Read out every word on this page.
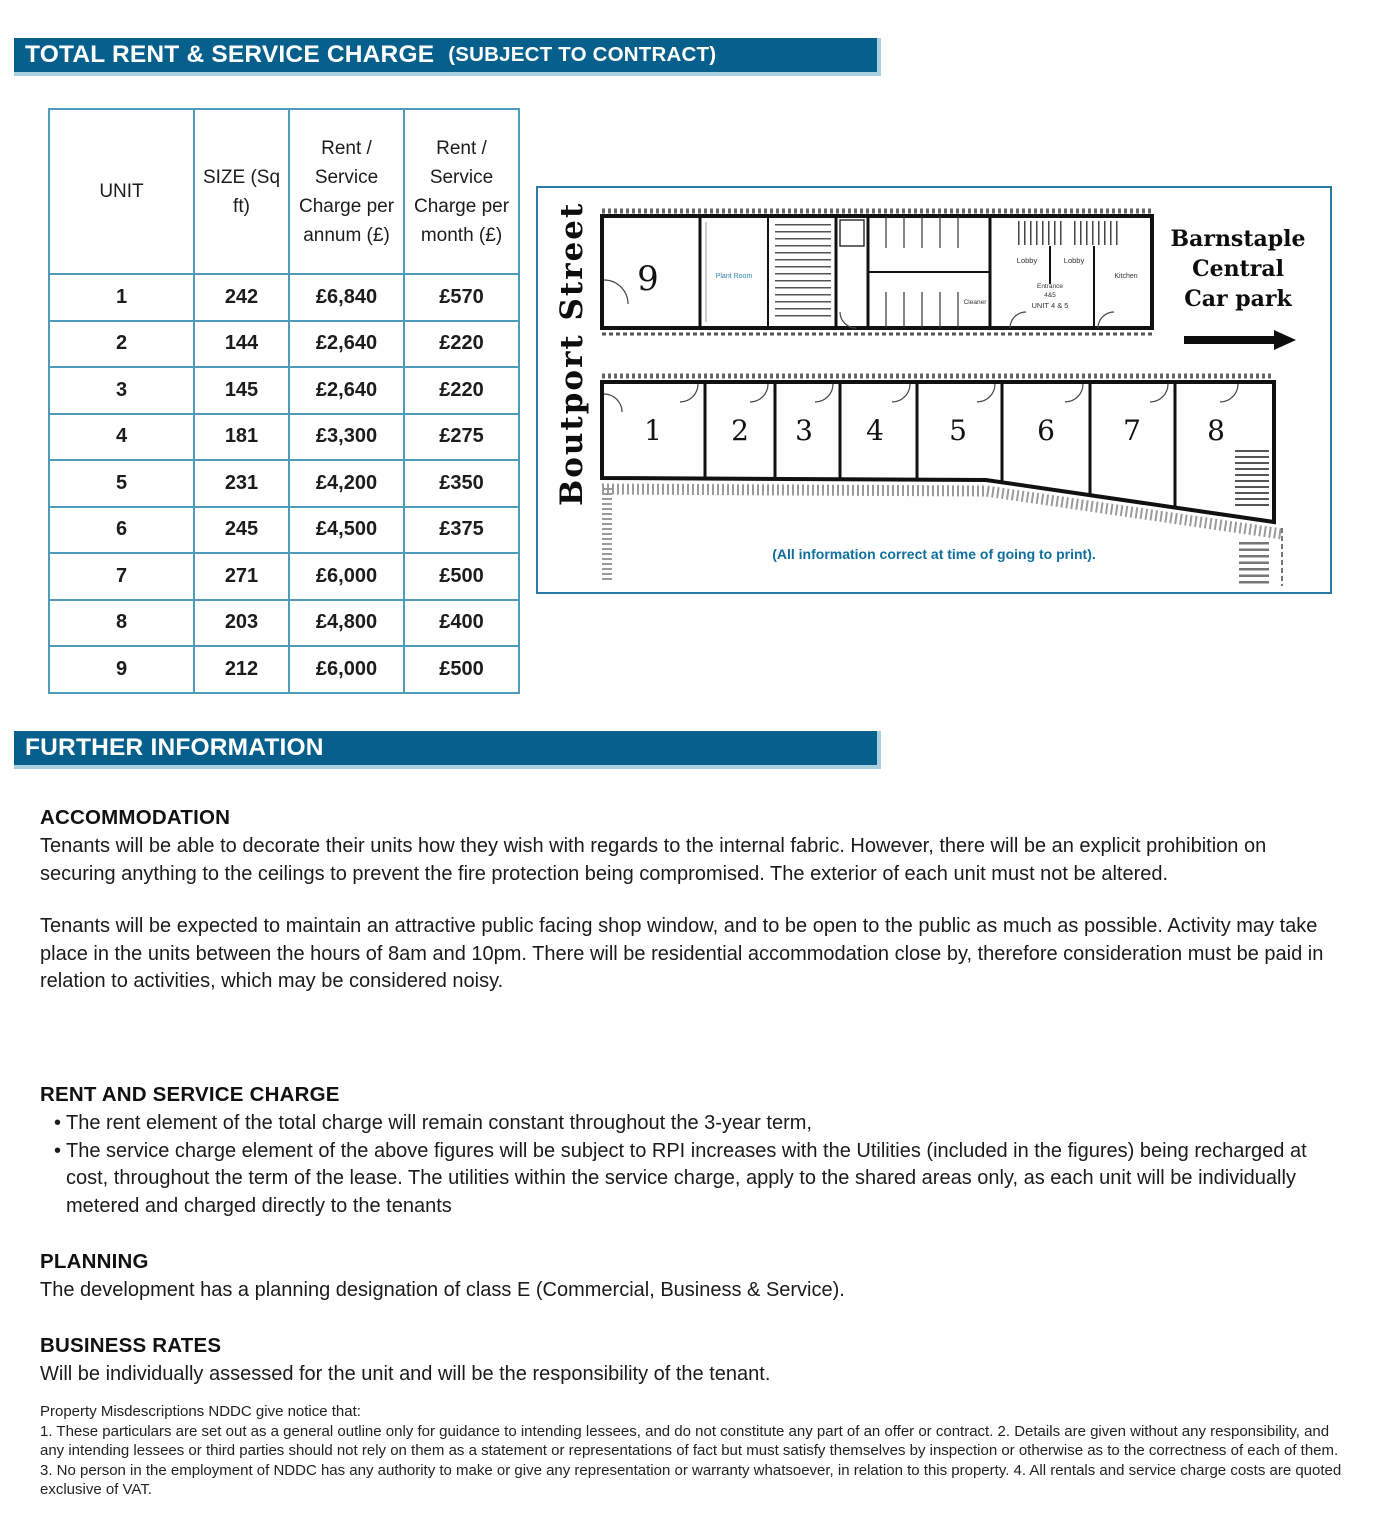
TOTAL RENT & SERVICE CHARGE (SUBJECT TO CONTRACT)
UNIT	SIZE (Sq ft)	Rent / Service Charge per annum (£)	Rent / Service Charge per month (£)
1	242	£6,840	£570
2	144	£2,640	£220
3	145	£2,640	£220
4	181	£3,300	£275
5	231	£4,200	£350
6	245	£4,500	£375
7	271	£6,000	£500
8	203	£4,800	£400
9	212	£6,000	£500
Boutport Street 9	Plant Room
Cleaner
Lobby	Lobby
Entrance
4&5
UNIT 4 & 5
Kitchen
Barnstaple
Central
Car park
1 2 3 4 5	6 7 8
(All information correct at time of going to print).
FURTHER INFORMATION
ACCOMMODATION
Tenants will be able to decorate their units how they wish with regards to the internal fabric. However, there will be an explicit prohibition on securing anything to the ceilings to prevent the fire protection being compromised. The exterior of each unit must not be altered.
Tenants will be expected to maintain an attractive public facing shop window, and to be open to the public as much as possible. Activity may take place in the units between the hours of 8am and 10pm. There will be residential accommodation close by, therefore consideration must be paid in relation to activities, which may be considered noisy.
RENT AND SERVICE CHARGE
• The rent element of the total charge will remain constant throughout the 3-year term,
• The service charge element of the above figures will be subject to RPI increases with the Utilities (included in the figures) being recharged at cost, throughout the term of the lease. The utilities within the service charge, apply to the shared areas only, as each unit will be individually metered and charged directly to the tenants
PLANNING
The development has a planning designation of class E (Commercial, Business & Service).
BUSINESS RATES
Will be individually assessed for the unit and will be the responsibility of the tenant.
Property Misdescriptions NDDC give notice that:
1. These particulars are set out as a general outline only for guidance to intending lessees, and do not constitute any part of an offer or contract. 2. Details are given without any responsibility, and any intending lessees or third parties should not rely on them as a statement or representations of fact but must satisfy themselves by inspection or otherwise as to the correctness of each of them. 3. No person in the employment of NDDC has any authority to make or give any representation or warranty whatsoever, in relation to this property. 4. All rentals and service charge costs are quoted exclusive of VAT.
